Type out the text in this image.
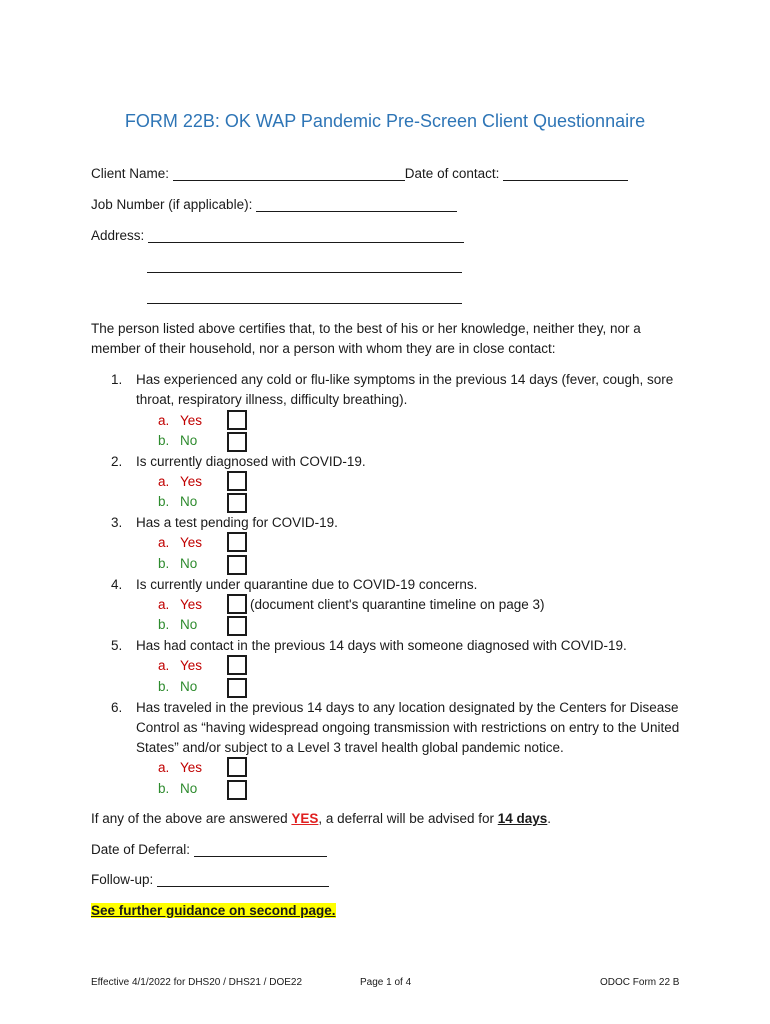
FORM 22B: OK WAP Pandemic Pre-Screen Client Questionnaire
Client Name:	Date of contact:
Job Number (if applicable):
Address:
The person listed above certifies that, to the best of his or her knowledge, neither they, nor a member of their household, nor a person with whom they are in close contact:
1. Has experienced any cold or flu-like symptoms in the previous 14 days (fever, cough, sore throat, respiratory illness, difficulty breathing).
a. Yes
b. No
2. Is currently diagnosed with COVID-19.
a. Yes
b. No
3. Has a test pending for COVID-19.
a. Yes
b. No
4. Is currently under quarantine due to COVID-19 concerns.
a. Yes	(document client's quarantine timeline on page 3)
b. No
5. Has had contact in the previous 14 days with someone diagnosed with COVID-19.
a. Yes
b. No
6. Has traveled in the previous 14 days to any location designated by the Centers for Disease Control as “having widespread ongoing transmission with restrictions on entry to the United States” and/or subject to a Level 3 travel health global pandemic notice.
a. Yes
b. No
If any of the above are answered YES, a deferral will be advised for 14 days.
Date of Deferral:
Follow-up:
See further guidance on second page.
Effective 4/1/2022 for DHS20 / DHS21 / DOE22	Page 1 of 4	ODOC Form 22 B
